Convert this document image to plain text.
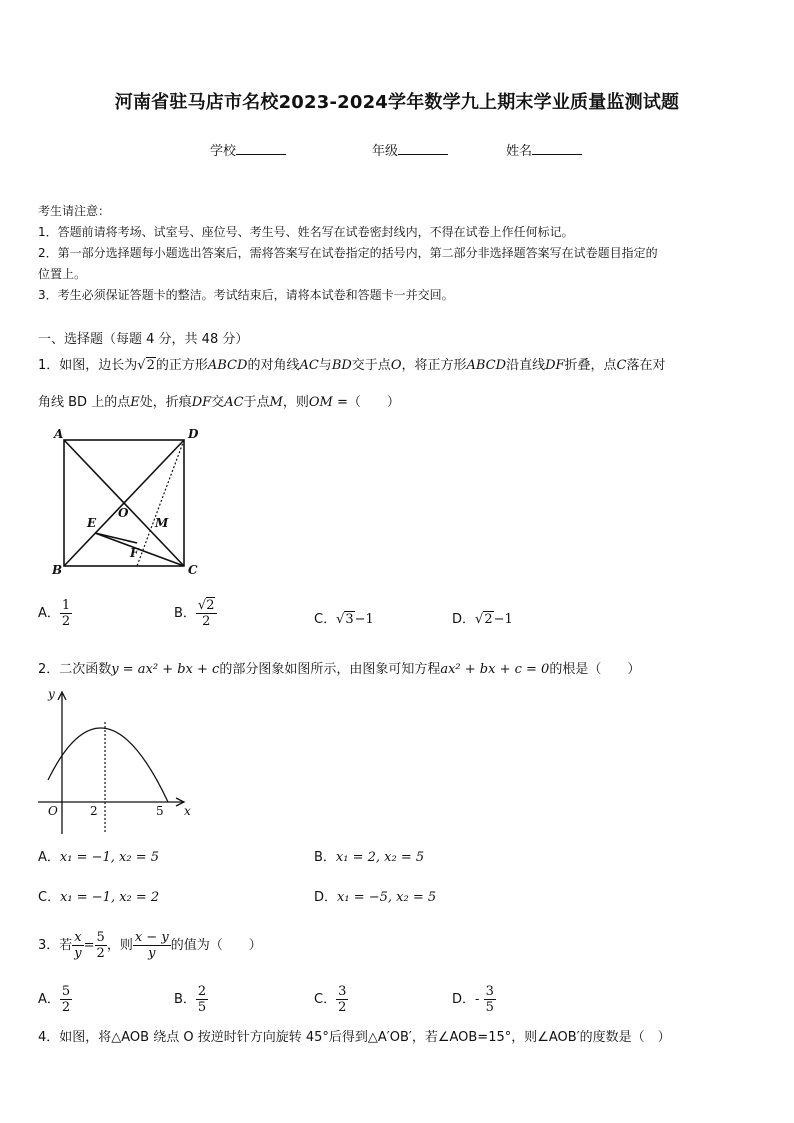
河南省驻马店市名校2023-2024学年数学九上期末学业质量监测试题
学校	年级	姓名
考生请注意：
1．答题前请将考场、试室号、座位号、考生号、姓名写在试卷密封线内，不得在试卷上作任何标记。
2．第一部分选择题每小题选出答案后，需将答案写在试卷指定的括号内，第二部分非选择题答案写在试卷题目指定的
位置上。
3．考生必须保证答题卡的整洁。考试结束后，请将本试卷和答题卡一并交回。
一、选择题（每题 4 分，共 48 分）
1．如图，边长为√2的正方形ABCD的对角线AC与BD交于点O，将正方形ABCD沿直线DF折叠，点C落在对
角线 BD 上的点E处，折痕DF交AC于点M，则OM =（　　）
A	D
B	C
O
E	M
F
A． $\frac{1}{2}$	B． $\frac{√2}{2}$	C．√3−1	D．√2−1
2．二次函数y = ax² + bx + c的部分图象如图所示，由图象可知方程ax² + bx + c = 0的根是（　　）
y
O	2	5 x
A．x₁ = −1, x₂ = 5	B．x₁ = 2, x₂ = 5
C．x₁ = −1, x₂ = 2	D．x₁ = −5, x₂ = 5
3．若 $\frac{x}{y} = \frac{5}{2}$ ，则 $\frac{x - y}{y}$ 的值为（　　）
A． $\frac{5}{2}$	B． $\frac{2}{5}$	C． $\frac{3}{2}$	D．- $\frac{3}{5}$
4．如图，将△AOB 绕点 O 按逆时针方向旋转 45°后得到△A′OB′，若∠AOB=15°，则∠AOB′的度数是（　）
